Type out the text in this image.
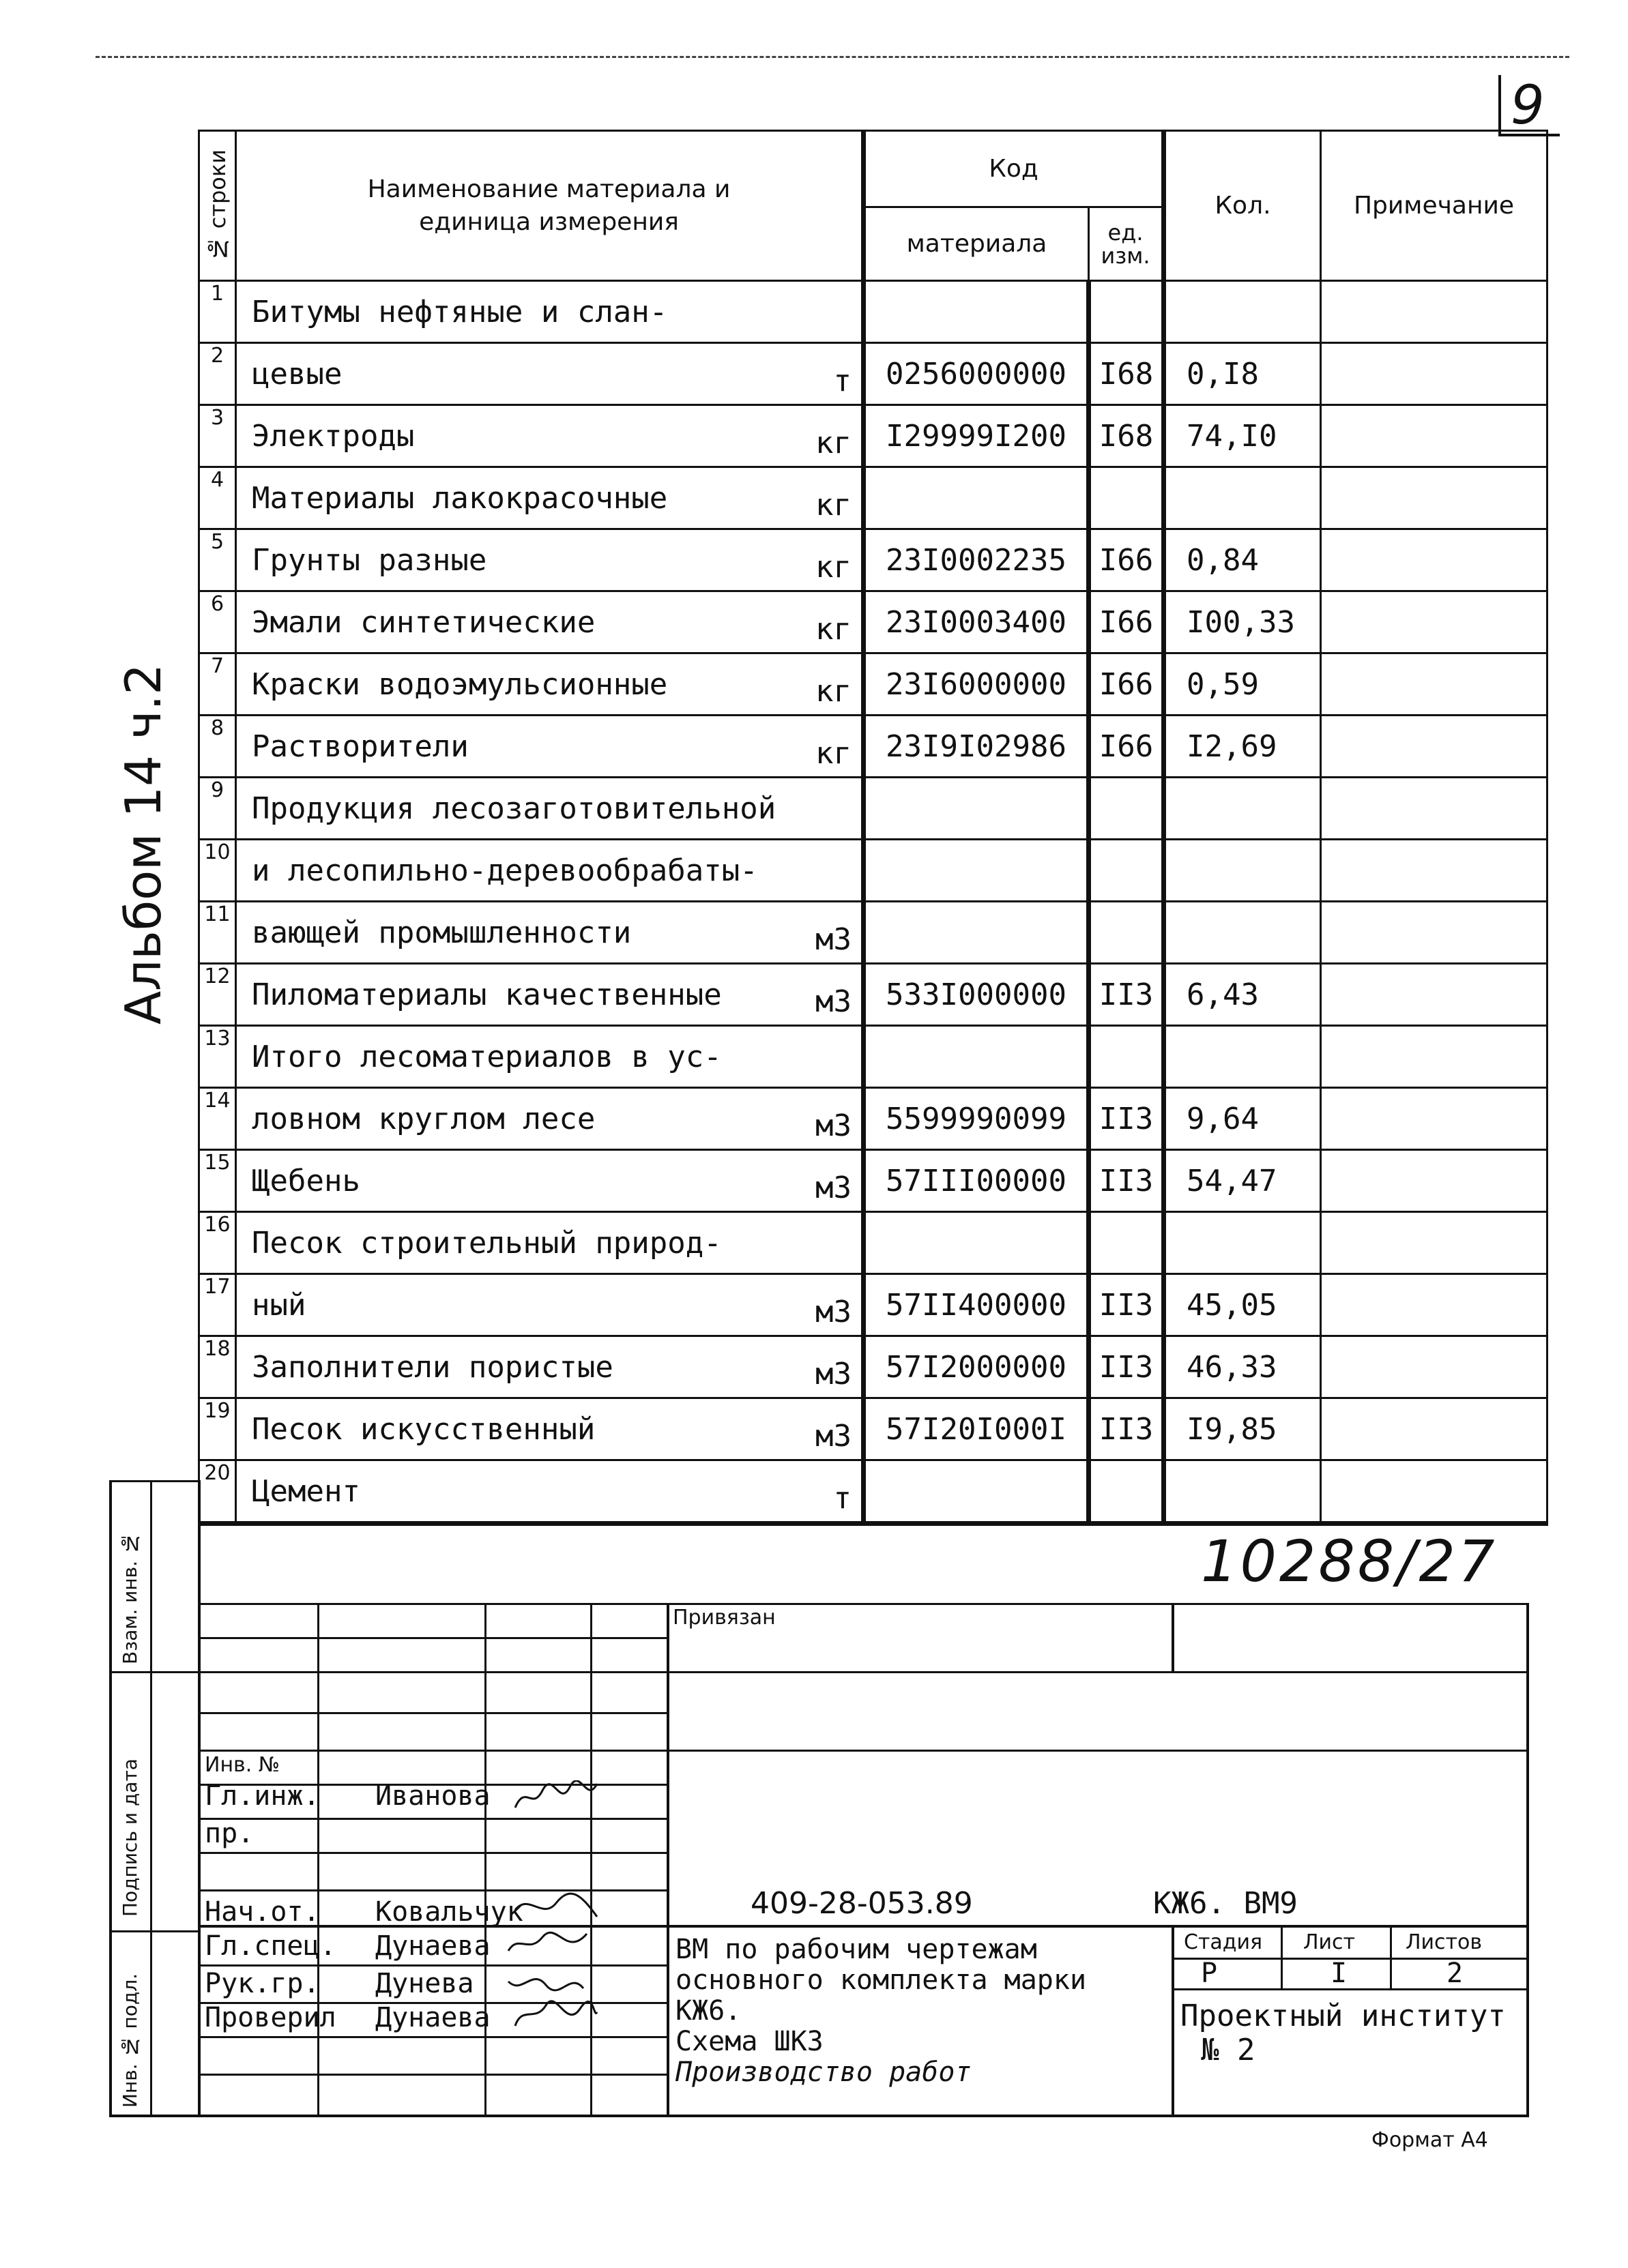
9
Альбом 14 ч.2
№ строки	Наименование материала и единица измерения	Код		Кол.	Примечание
		материала	ед. изм.		

1	Битумы нефтяные и слан-

2	цевые т	0256000000	I68	0,I8	
3	Электроды кг	I29999I200	I68	74,I0	
4	Материалы лакокрасочные кг				

5	Грунты разные кг	23I0002235	I66	0,84	
6	Эмали синтетические кг	23I0003400	I66	I00,33	
7	Краски водоэмульсионные кг	23I6000000	I66	0,59	
8	Растворители кг	23I9I02986	I66	I2,69	
9	Продукция лесозаготовительной

10	и лесопильно-деревообрабаты-

11	вающей промышленности м3				

12	Пиломатериалы качественные м3	533I000000	II3	6,43	
13	Итого лесоматериалов в ус-

14	ловном круглом лесе м3	5599990099	II3	9,64	
15	Щебень м3	57III00000	II3	54,47	
16	Песок строительный природ-

17	ный м3	57II400000	II3	45,05	
18	Заполнители пористые м3	57I2000000	II3	46,33	
19	Песок искусственный м3	57I20I000I	II3	I9,85	
20	Цемент т				

10288/27
Взам. инв. №
Подпись и дата
Инв. № подл.
Привязан
Инв. №
Гл.инж. Иванова
пр.
Нач.от. Ковальчук
Гл.спец. Дунаева
Рук.гр. Дунева
Проверил Дунаева
409-28-053.89	КЖ6. ВМ9
ВМ по рабочим чертежам
основного комплекта марки
КЖ6.
Схема ШК3
Производство работ
Стадия Лист Листов
Р	I	2
Проектный институт
№ 2
Формат А4
